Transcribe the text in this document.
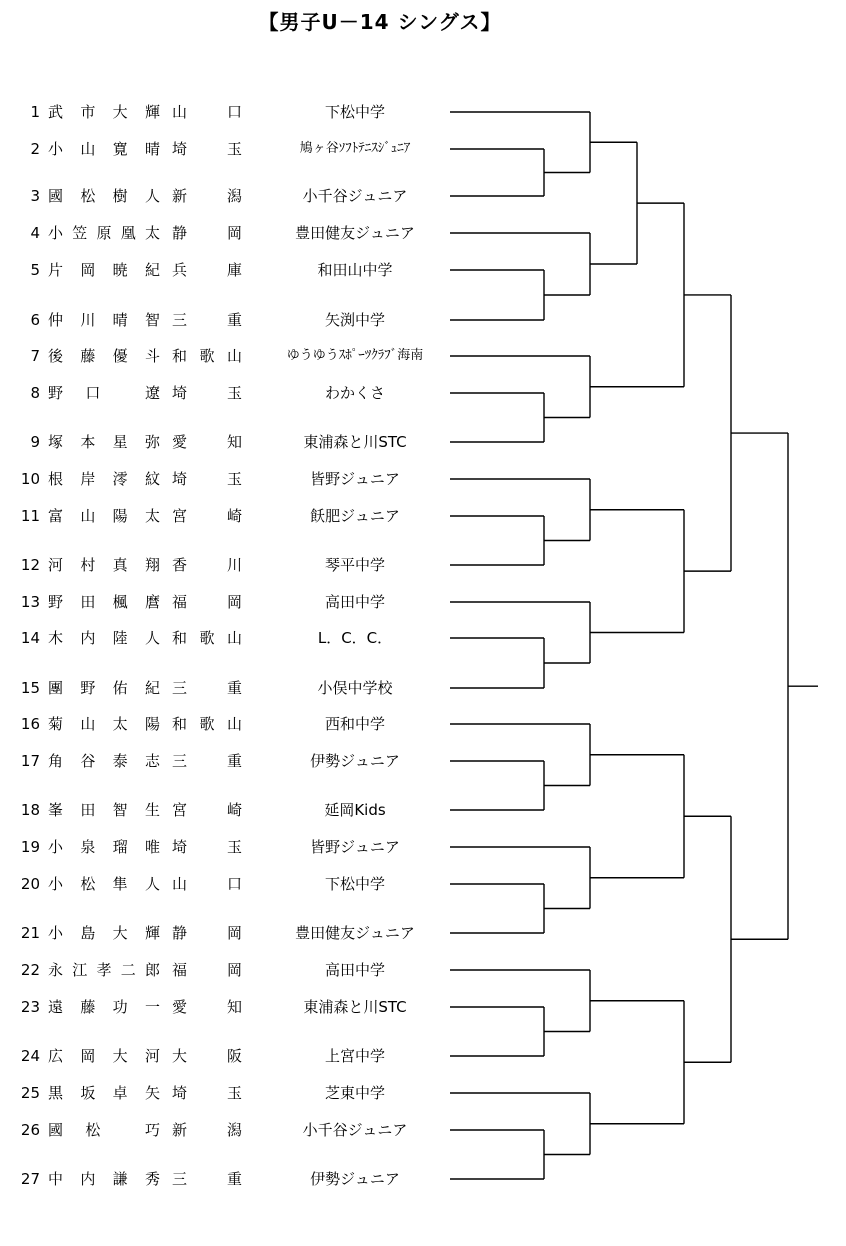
【男子U－14 シングス】
1 武 市 大 輝 山	口	下松中学
2 小 山 寛 晴 埼	玉	鳩ヶ谷ｿﾌﾄﾃﾆｽｼﾞｭﾆｱ
3 國 松 樹 人 新	潟	小千谷ジュニア
4 小 笠 原 凰 太 静	岡	豊田健友ジュニア
5 片 岡 暁 紀 兵	庫	和田山中学
6 仲 川 晴 智 三	重	矢渕中学
7 後 藤 優 斗 和 歌 山	ゆうゆうｽﾎﾟｰﾂｸﾗﾌﾞ海南
8 野 口	遼 埼	玉	わかくさ
9 塚 本 星 弥 愛	知	東浦森と川STC
10 根 岸 澪 紋 埼	玉	皆野ジュニア
11 富 山 陽 太 宮	崎	飫肥ジュニア
12 河 村 真 翔 香	川	琴平中学
13 野 田 楓 麿 福	岡	高田中学
14 木 内 陸 人 和 歌 山	L．C．C．
15 團 野 佑 紀 三	重	小俣中学校
16 菊 山 太 陽 和 歌 山	西和中学
17 角 谷 泰 志 三	重	伊勢ジュニア
18 峯 田 智 生 宮	崎	延岡Kids
19 小 泉 瑠 唯 埼	玉	皆野ジュニア
20 小 松 隼 人 山	口	下松中学
21 小 島 大 輝 静	岡	豊田健友ジュニア
22 永 江 孝 二 郎 福	岡	高田中学
23 遠 藤 功 一 愛	知	東浦森と川STC
24 広 岡 大 河 大	阪	上宮中学
25 黒 坂 卓 矢 埼	玉	芝東中学
26 國 松	巧 新	潟	小千谷ジュニア
27 中 内 謙 秀 三	重	伊勢ジュニア
